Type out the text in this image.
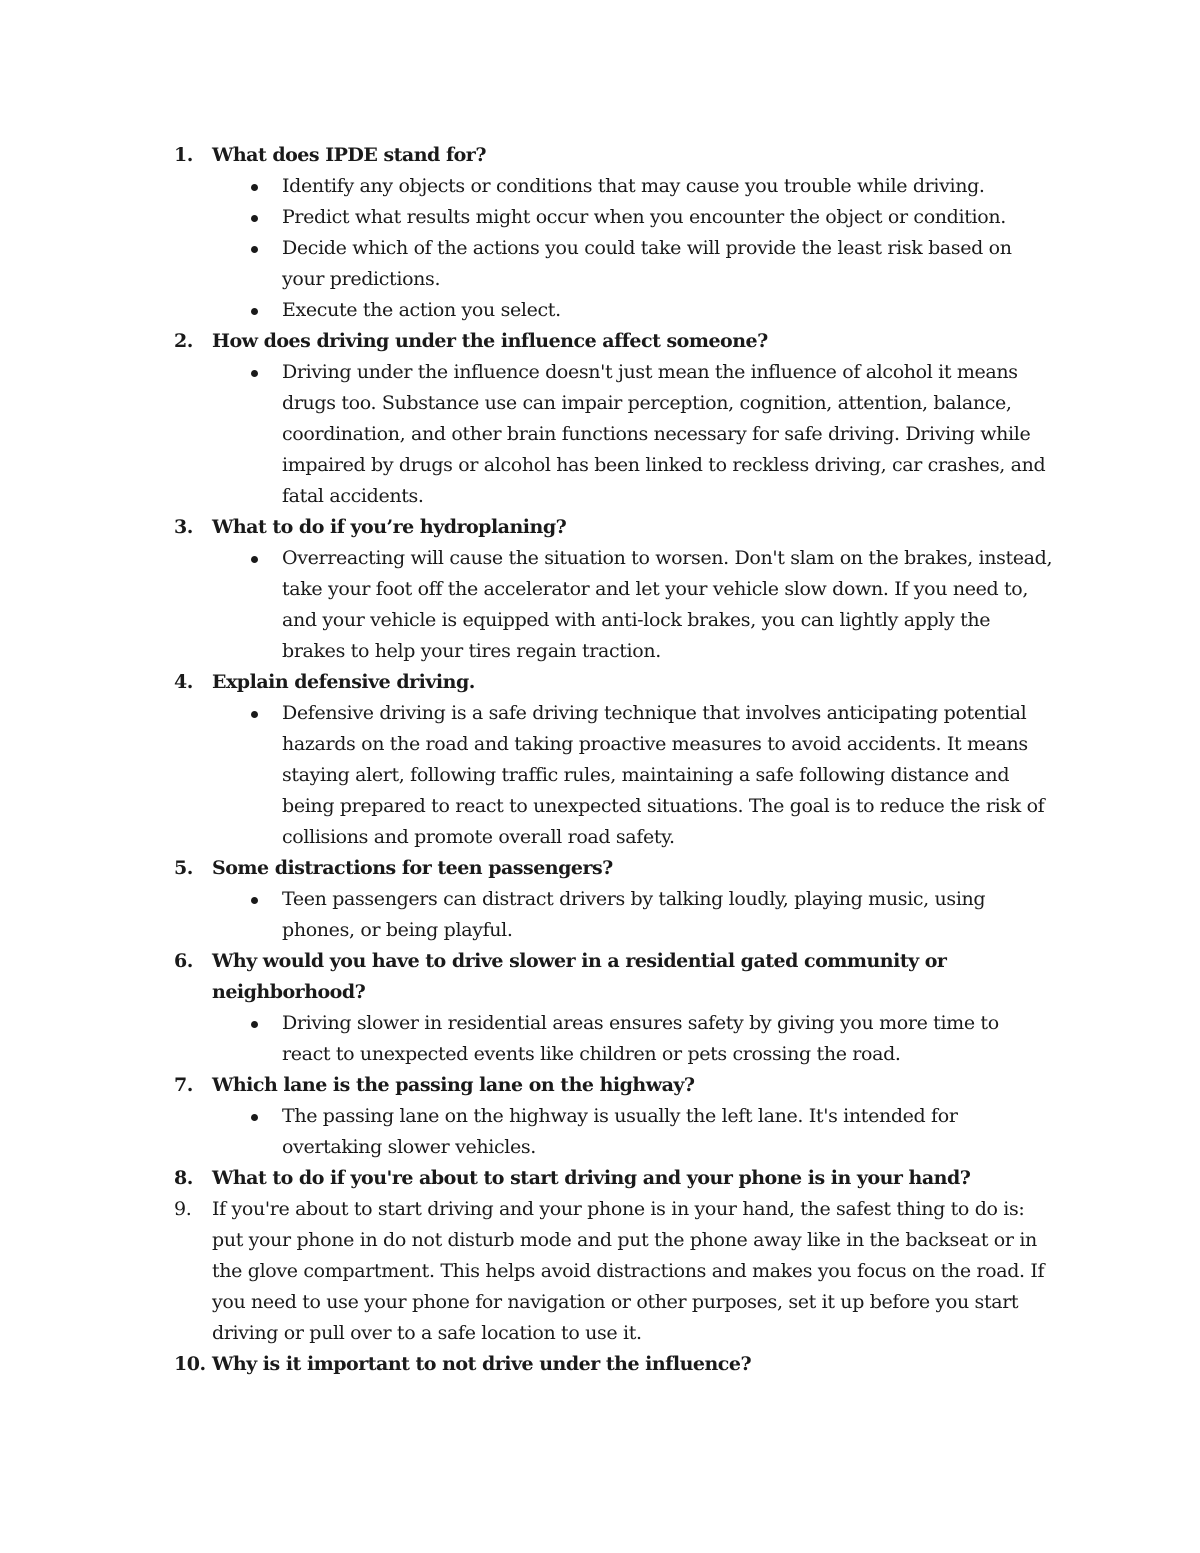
1.	What does IPDE stand for?
Identify any objects or conditions that may cause you trouble while driving.
Predict what results might occur when you encounter the object or condition.
Decide which of the actions you could take will provide the least risk based on
your predictions.
Execute the action you select.
2.	How does driving under the influence affect someone?
Driving under the influence doesn't just mean the influence of alcohol it means
drugs too. Substance use can impair perception, cognition, attention, balance,
coordination, and other brain functions necessary for safe driving. Driving while
impaired by drugs or alcohol has been linked to reckless driving, car crashes, and
fatal accidents.
3.	What to do if you’re hydroplaning?
Overreacting will cause the situation to worsen. Don't slam on the brakes, instead,
take your foot off the accelerator and let your vehicle slow down. If you need to,
and your vehicle is equipped with anti-lock brakes, you can lightly apply the
brakes to help your tires regain traction.
4.	Explain defensive driving.
Defensive driving is a safe driving technique that involves anticipating potential
hazards on the road and taking proactive measures to avoid accidents. It means
staying alert, following traffic rules, maintaining a safe following distance and
being prepared to react to unexpected situations. The goal is to reduce the risk of
collisions and promote overall road safety.
5.	Some distractions for teen passengers?
Teen passengers can distract drivers by talking loudly, playing music, using
phones, or being playful.
6.	Why would you have to drive slower in a residential gated community or
neighborhood?
Driving slower in residential areas ensures safety by giving you more time to
react to unexpected events like children or pets crossing the road.
7.	Which lane is the passing lane on the highway?
The passing lane on the highway is usually the left lane. It's intended for
overtaking slower vehicles.
8.	What to do if you're about to start driving and your phone is in your hand?
9.	If you're about to start driving and your phone is in your hand, the safest thing to do is:
put your phone in do not disturb mode and put the phone away like in the backseat or in
the glove compartment. This helps avoid distractions and makes you focus on the road. If
you need to use your phone for navigation or other purposes, set it up before you start
driving or pull over to a safe location to use it.
10. Why is it important to not drive under the influence?
